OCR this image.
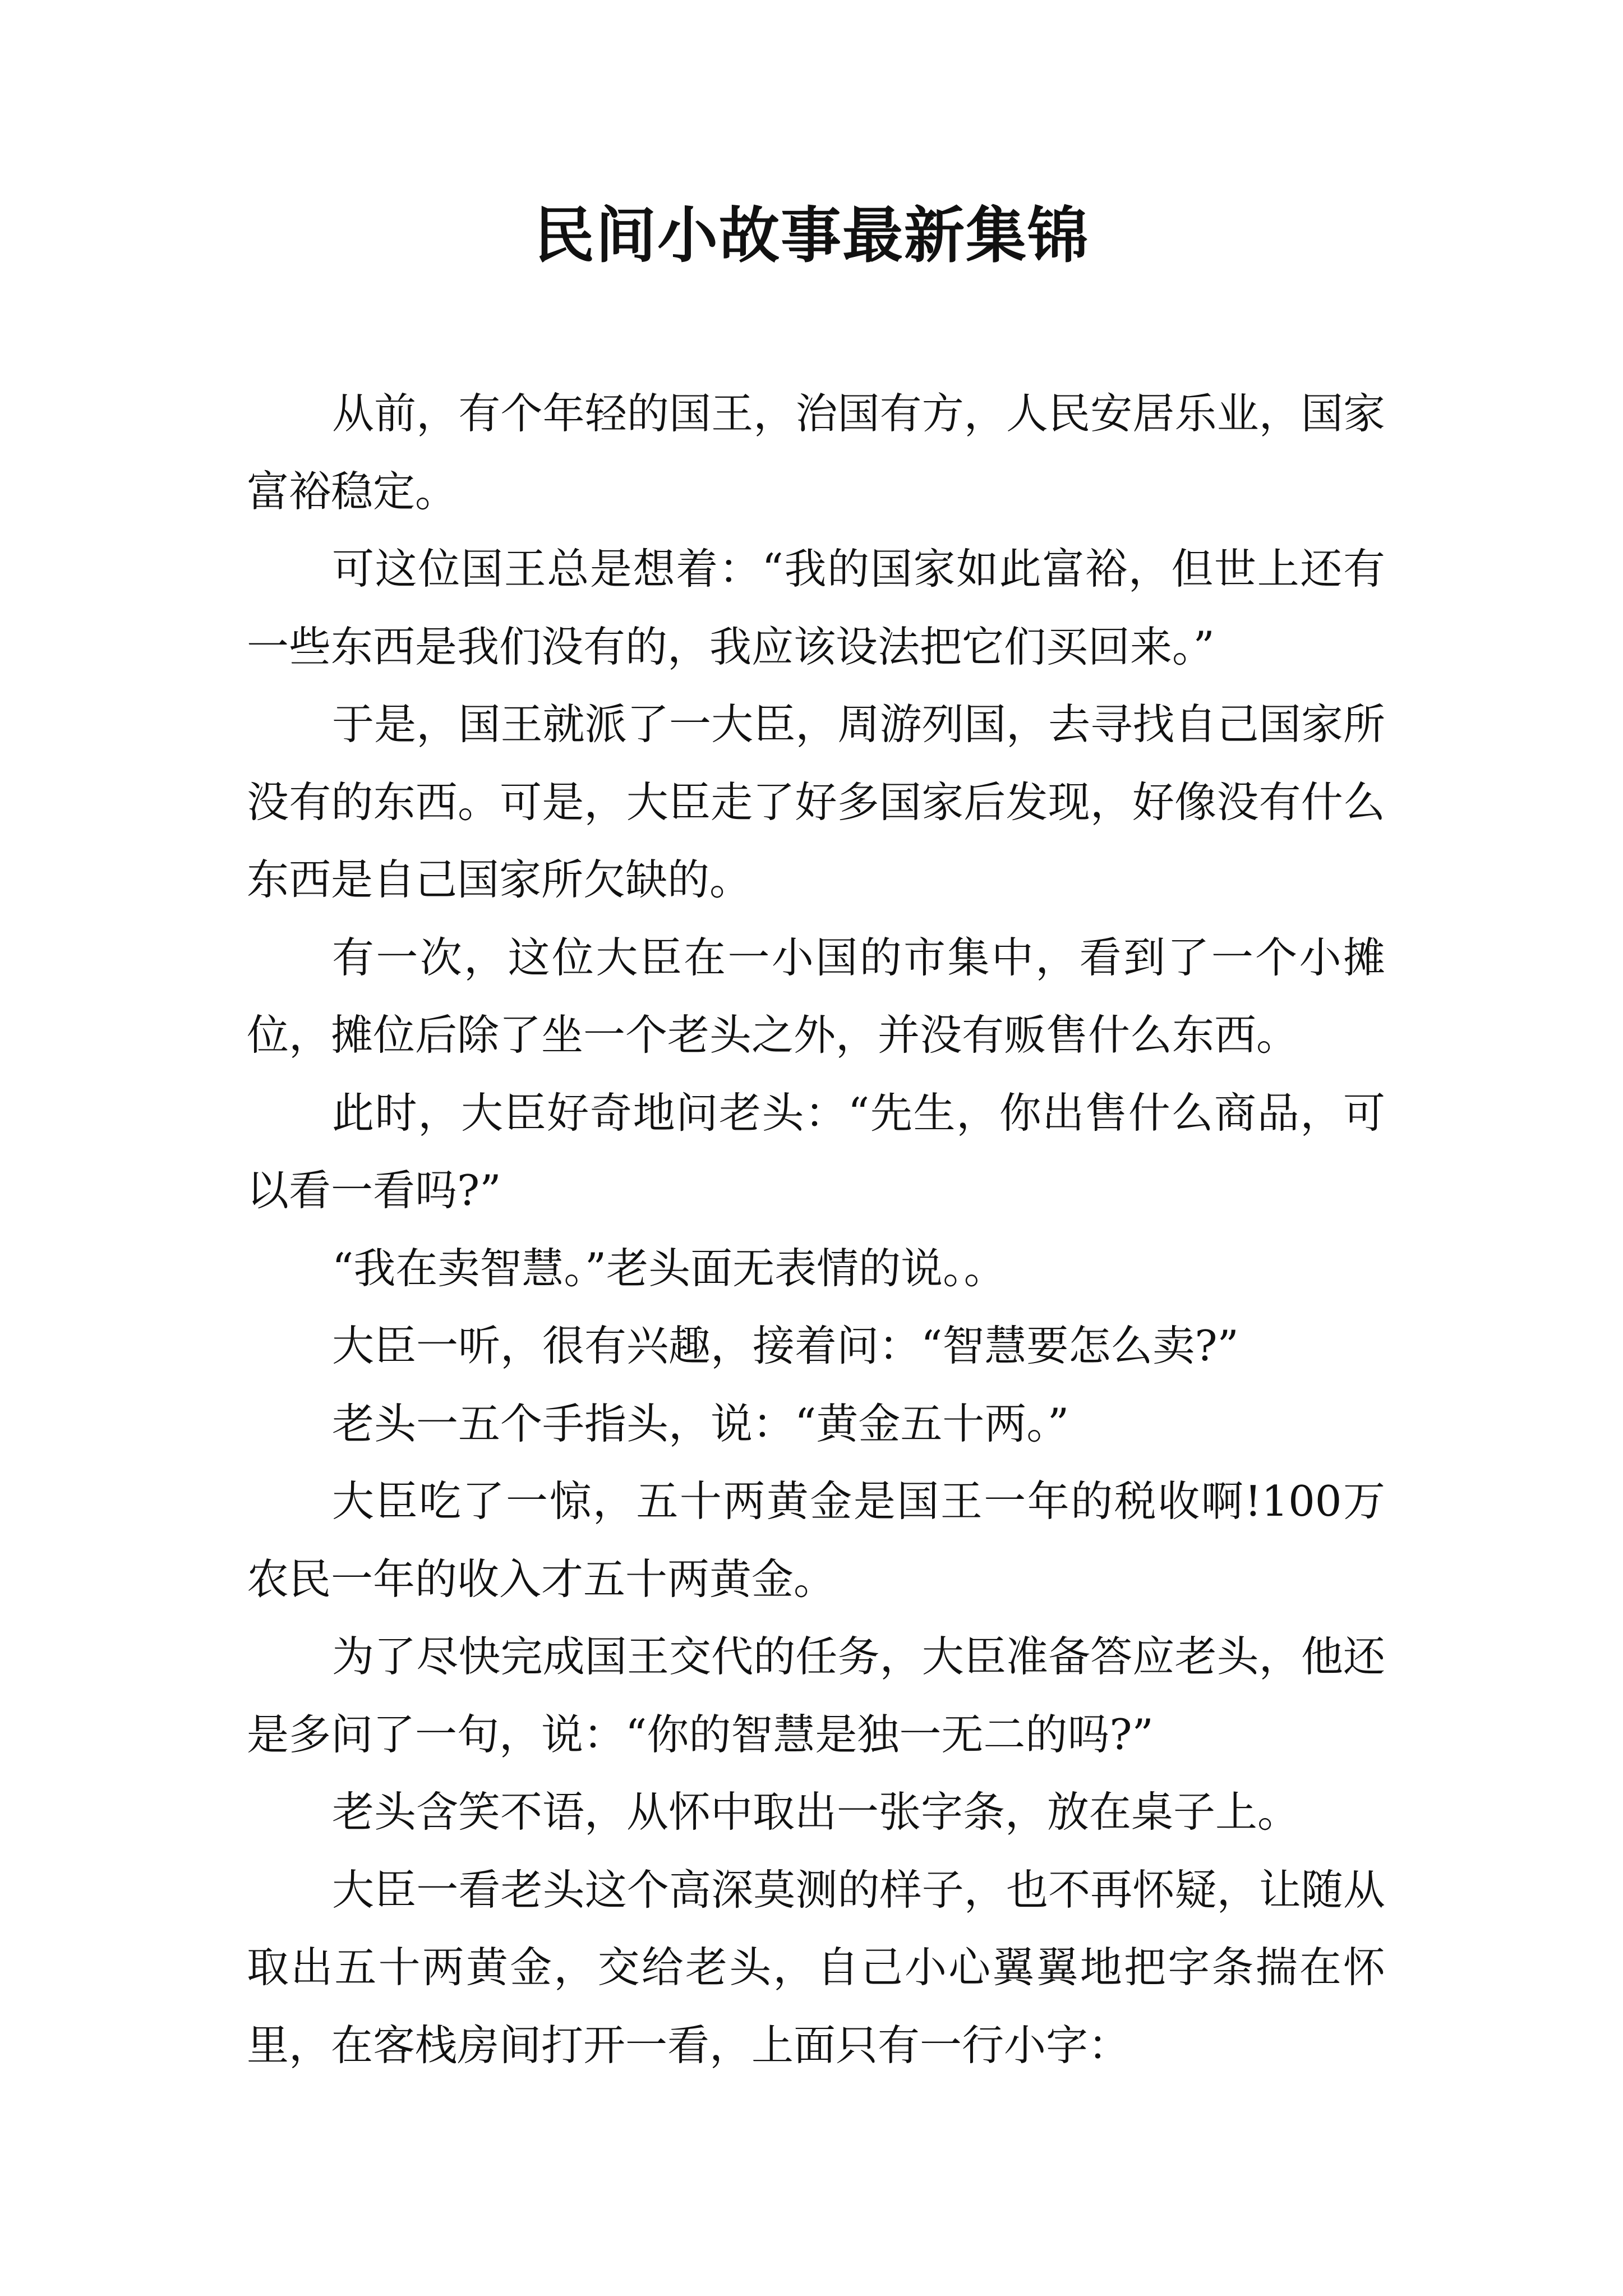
民间小故事最新集锦

从前，有个年轻的国王，治国有方，人民安居乐业，国家富裕稳定。

可这位国王总是想着：“我的国家如此富裕，但世上还有一些东西是我们没有的，我应该设法把它们买回来。”

于是，国王就派了一大臣，周游列国，去寻找自己国家所没有的东西。可是，大臣走了好多国家后发现，好像没有什么东西是自己国家所欠缺的。

有一次，这位大臣在一小国的市集中，看到了一个小摊位，摊位后除了坐一个老头之外，并没有贩售什么东西。

此时，大臣好奇地问老头：“先生，你出售什么商品，可以看一看吗?”

“我在卖智慧。”老头面无表情的说。。

大臣一听，很有兴趣，接着问：“智慧要怎么卖?”

老头一五个手指头，说：“黄金五十两。”

大臣吃了一惊，五十两黄金是国王一年的税收啊!100万农民一年的收入才五十两黄金。

为了尽快完成国王交代的任务，大臣准备答应老头，他还是多问了一句，说：“你的智慧是独一无二的吗?”

老头含笑不语，从怀中取出一张字条，放在桌子上。

大臣一看老头这个高深莫测的样子，也不再怀疑，让随从取出五十两黄金，交给老头，自己小心翼翼地把字条揣在怀里，在客栈房间打开一看，上面只有一行小字：
